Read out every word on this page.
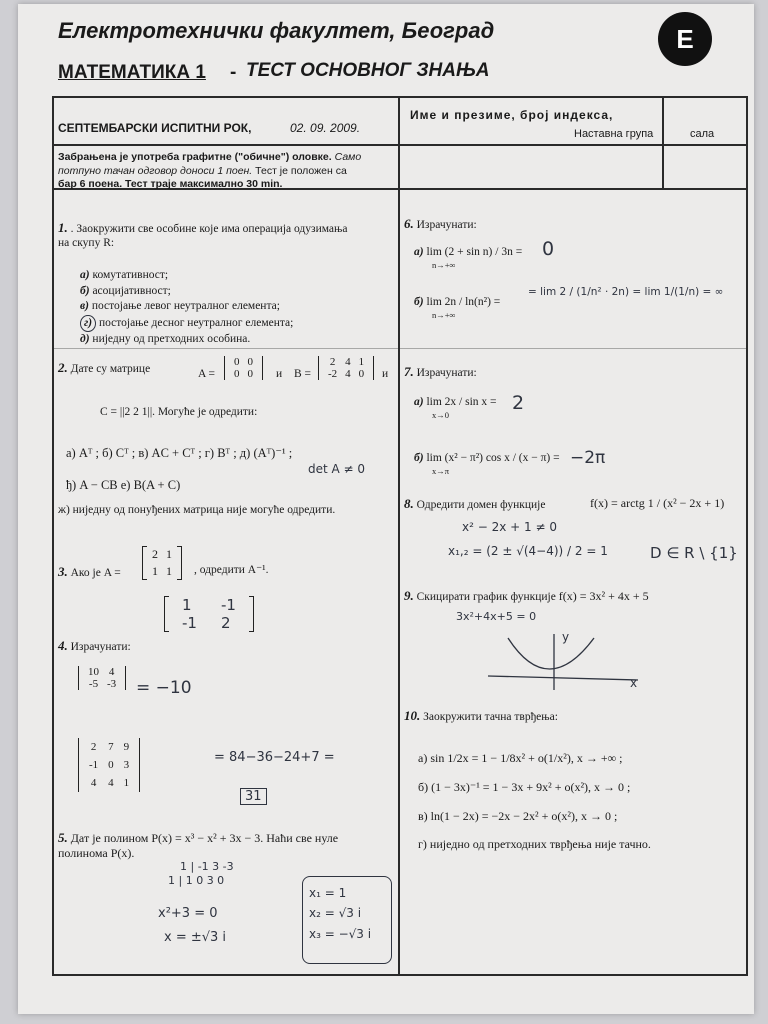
Електротехнички факултет, Београд	Е
МАТЕМАТИКА 1 - ТЕСТ ОСНОВНОГ ЗНАЊА
СЕПТЕМБАРСКИ ИСПИТНИ РОК,	02. 09. 2009.
Име и презиме, број индекса,
Наставна група	сала
Забрањена је употреба графитне ("обичне") оловке. Само
потпуно тачан одговор доноси 1 поен. Тест је положен са
бар 6 поена. Тест траје максимално 30 min.
1. . Заокружити све особине које има операција одузимања
на скупу R:
а) комутативност;
б) асоцијативност;
в) постојање левог неутралног елемента;
г) постојање десног неутралног елемента;
д) ниједну од претходних особина.
2. Дате су матрице	A =
0	0
0	0 и B =
2	4	1
-2	4	0 и
C = ||2 2 1||. Могуће је одредити:
а) Aᵀ ; б) Cᵀ ; в) AC + Cᵀ ; г) Bᵀ ; д) (Aᵀ)⁻¹ ;
ђ) A − CB е) B(A + C)
det A ≠ 0
ж) ниједну од понуђених матрица није могуће одредити.
3. Ако је A =
2	1
1	1 , одредити A⁻¹.
1	-1
-1	2
4. Израчунати:
10	4
-5	-3 = −10
2	7	9
-1	0	3
4	4	1
= 84−36−24+7 =
31
5. Дат је полином P(x) = x³ − x² + 3x − 3. Наћи све нуле
полинома P(x).
1 | -1 3 -3
1 | 1 0 3 0
x²+3 = 0
x = ±√3 i
x₁ = 1
x₂ = √3 i
x₃ = −√3 i
6. Израчунати:
а) lim (2 + sin n) / 3n =
n→+∞
0
б) lim 2n / ln(n²) =
n→+∞
= lim 2 / (1/n² · 2n) = lim 1/(1/n) = ∞
7. Израчунати:
а) lim 2x / sin x =
x→0
2
б) lim (x² − π²) cos x / (x − π) =
x→π
−2π
8. Одредити домен функције	f(x) = arctg 1 / (x² − 2x + 1)
x² − 2x + 1 ≠ 0
x₁,₂ = (2 ± √(4−4)) / 2 = 1	D ∈ R \ {1}
9. Скицирати график функције f(x) = 3x² + 4x + 5
3x²+4x+5 = 0
x
y
10. Заокружити тачна тврђења:
а) sin 1/2x = 1 − 1/8x² + o(1/x²), x → +∞ ;
б) (1 − 3x)⁻¹ = 1 − 3x + 9x² + o(x²), x → 0 ;
в) ln(1 − 2x) = −2x − 2x² + o(x²), x → 0 ;
г) ниједно од претходних тврђења није тачно.
